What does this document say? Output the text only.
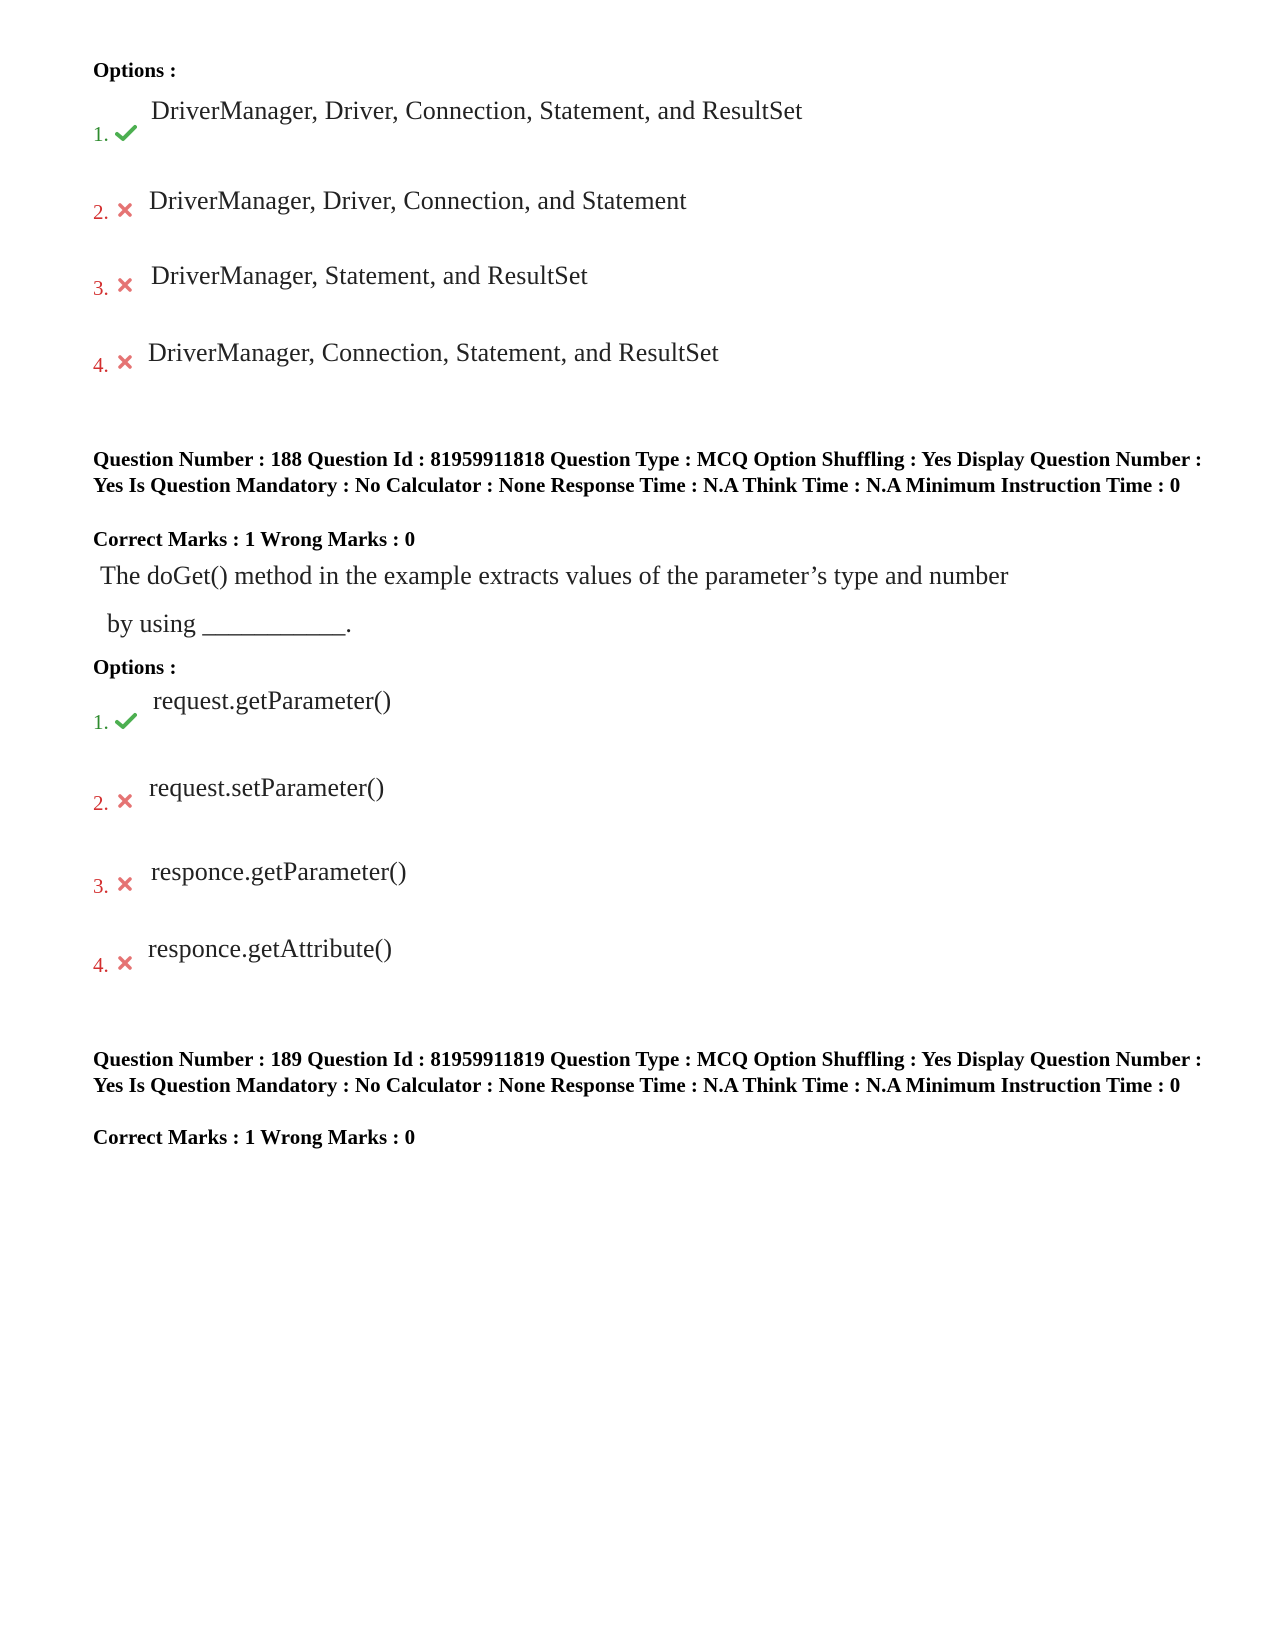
Options :
1.
DriverManager, Driver, Connection, Statement, and ResultSet
2. DriverManager, Driver, Connection, and Statement
3. DriverManager, Statement, and ResultSet
4. DriverManager, Connection, Statement, and ResultSet
Question Number : 188 Question Id : 81959911818 Question Type : MCQ Option Shuffling : Yes Display Question Number : Yes Is Question Mandatory : No Calculator : None Response Time : N.A Think Time : N.A Minimum Instruction Time : 0
Correct Marks : 1 Wrong Marks : 0
The doGet() method in the example extracts values of the parameter’s type and number
by using ___________.
Options :
1.
request.getParameter()
2.
request.setParameter()
3. responce.getParameter()
4.
responce.getAttribute()
Question Number : 189 Question Id : 81959911819 Question Type : MCQ Option Shuffling : Yes Display Question Number : Yes Is Question Mandatory : No Calculator : None Response Time : N.A Think Time : N.A Minimum Instruction Time : 0
Correct Marks : 1 Wrong Marks : 0
